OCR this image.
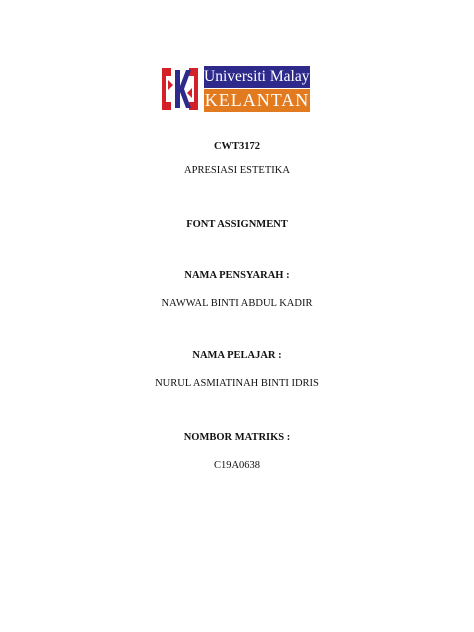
Universiti Malaysia
KELANTAN
CWT3172
APRESIASI ESTETIKA
FONT ASSIGNMENT
NAMA PENSYARAH :
NAWWAL BINTI ABDUL KADIR
NAMA PELAJAR :
NURUL ASMIATINAH BINTI IDRIS
NOMBOR MATRIKS :
C19A0638
